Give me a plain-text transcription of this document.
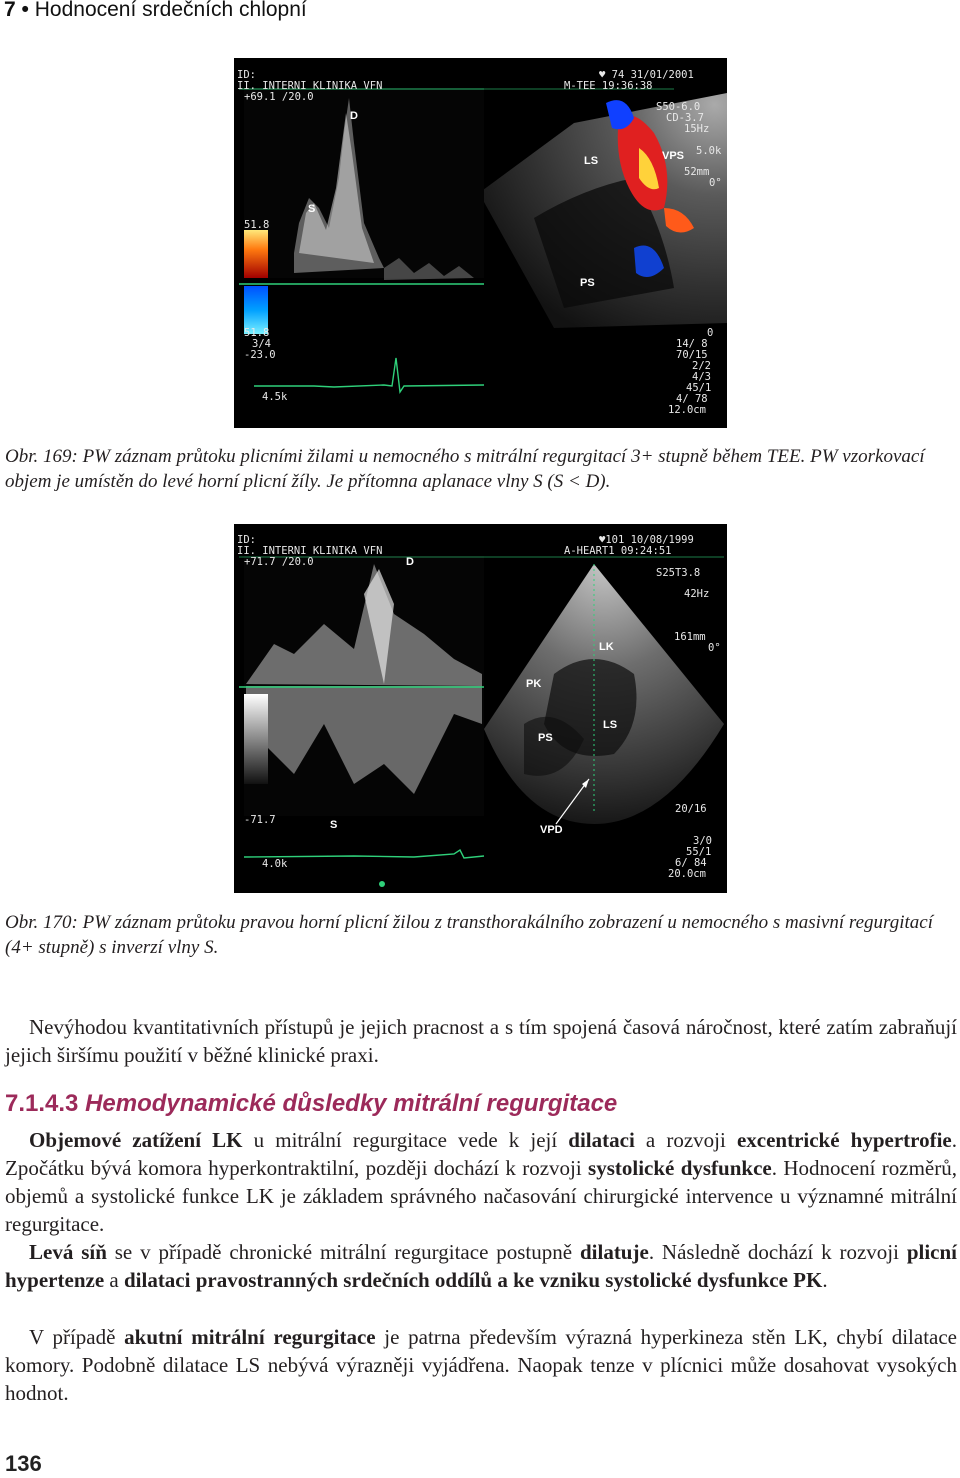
7 • Hodnocení srdečních chlopní
ID:
II. INTERNI KLINIKA VFN
+69.1 /20.0
♥ 74 31/01/2001
M-TEE 19:36:38
S50-6.0
CD-3.7
15Hz
5.0k
52mm
0°
51.8
51.8
3/4
-23.0
4.5k
0
14/ 8
70/15
2/2
4/3
45/1
4/ 78
12.0cm
D
S
LS	VPS
PS
Obr. 169: PW záznam průtoku plicními žilami u nemocného s mitrální regurgitací 3+ stupně během TEE. PW vzorkovací objem je umístěn do levé horní plicní žíly. Je přítomna aplanace vlny S (S < D).
ID:
II. INTERNI KLINIKA VFN
+71.7 /20.0
♥101 10/08/1999
A-HEART1 09:24:51
S25T3.8
42Hz
161mm
0°
-71.7
4.0k
20/16
3/0
55/1
6/ 84
20.0cm
D
S
LK
PK
LS
PS
VPD
Obr. 170: PW záznam průtoku pravou horní plicní žilou z transthorakálního zobrazení u nemocného s masivní regurgitací (4+ stupně) s inverzí vlny S.

Nevýhodou kvantitativních přístupů je jejich pracnost a s tím spojená časová náročnost, které zatím zabraňují jejich širšímu použití v běžné klinické praxi.

7.1.4.3 Hemodynamické důsledky mitrální regurgitace

Objemové zatížení LK u mitrální regurgitace vede k její dilataci a rozvoji excentrické hypertrofie. Zpočátku bývá komora hyperkontraktilní, později dochází k rozvoji systolické dysfunkce. Hodnocení rozměrů, objemů a systolické funkce LK je základem správného načasování chirurgické intervence u významné mitrální regurgitace.

Levá síň se v případě chronické mitrální regurgitace postupně dilatuje. Následně dochází k rozvoji plicní hypertenze a dilataci pravostranných srdečních oddílů a ke vzniku systolické dysfunkce PK.

V případě akutní mitrální regurgitace je patrna především výrazná hyperkineza stěn LK, chybí dilatace komory. Podobně dilatace LS nebývá výrazněji vyjádřena. Naopak tenze v plícnici může dosahovat vysokých hodnot.

136
